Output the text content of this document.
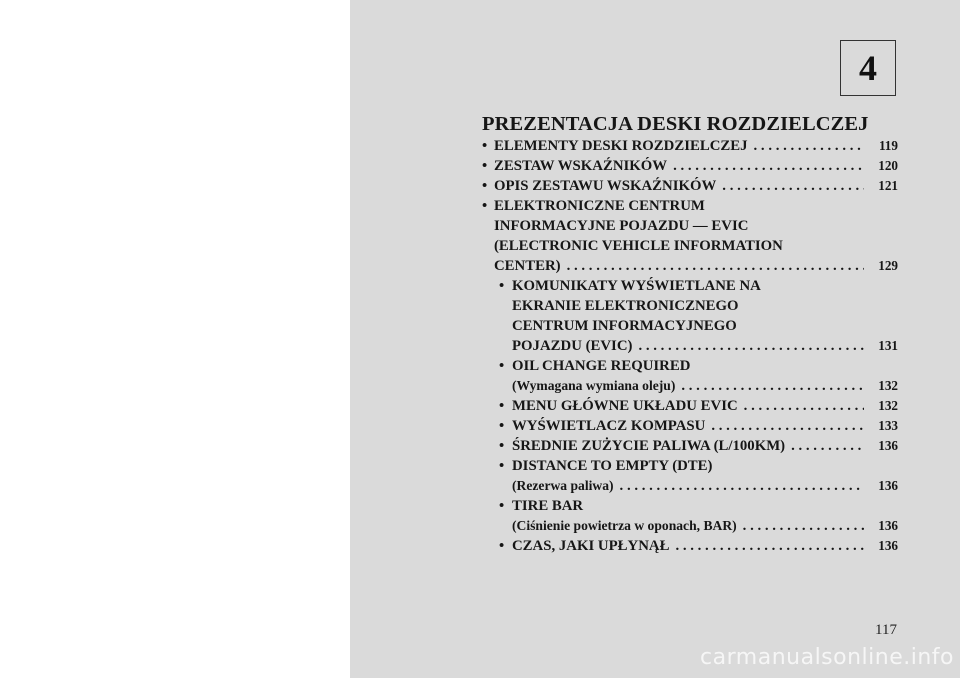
4
PREZENTACJA DESKI ROZDZIELCZEJ
• ELEMENTY DESKI ROZDZIELCZEJ . . .	119
• ZESTAW WSKAŹNIKÓW . . .	120
• OPIS ZESTAWU WSKAŹNIKÓW . . .	121
• ELEKTRONICZNE CENTRUM
INFORMACYJNE POJAZDU — EVIC
(ELECTRONIC VEHICLE INFORMATION
CENTER) . . .	129
• KOMUNIKATY WYŚWIETLANE NA
EKRANIE ELEKTRONICZNEGO
CENTRUM INFORMACYJNEGO
POJAZDU (EVIC) . . .	131
• OIL CHANGE REQUIRED
(Wymagana wymiana oleju) . . .	132
• MENU GŁÓWNE UKŁADU EVIC . . .	132
• WYŚWIETLACZ KOMPASU . . .	133
• ŚREDNIE ZUŻYCIE PALIWA (L/100KM) . . .	136
• DISTANCE TO EMPTY (DTE)
(Rezerwa paliwa) . . .	136
• TIRE BAR
(Ciśnienie powietrza w oponach, BAR) . . .	136
• CZAS, JAKI UPŁYNĄŁ . . .	136
117
carmanualsonline.info
